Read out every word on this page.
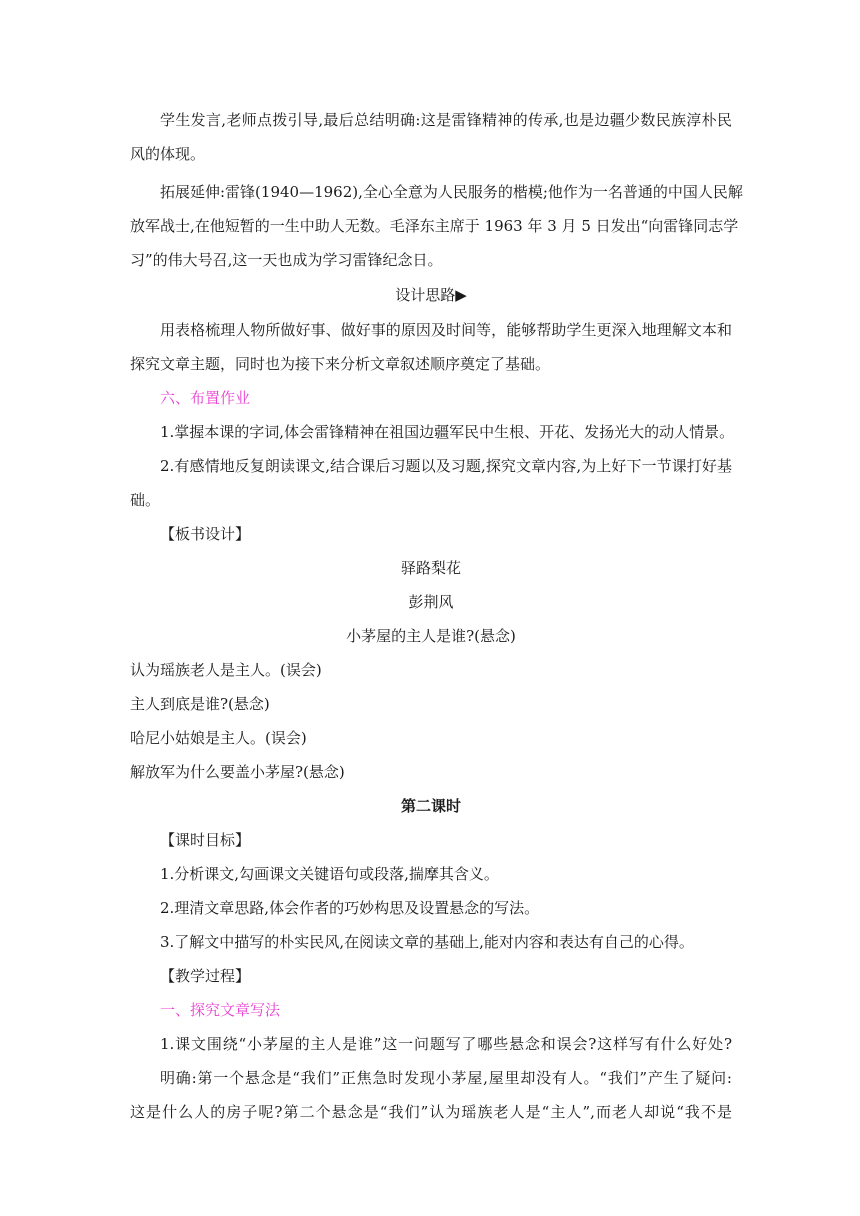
学生发言,老师点拨引导,最后总结明确:这是雷锋精神的传承,也是边疆少数民族淳朴民
风的体现。
拓展延伸:雷锋(1940—1962),全心全意为人民服务的楷模;他作为一名普通的中国人民解
放军战士,在他短暂的一生中助人无数。毛泽东主席于 1963 年 3 月 5 日发出“向雷锋同志学
习”的伟大号召,这一天也成为学习雷锋纪念日。
设计思路▶
用表格梳理人物所做好事、做好事的原因及时间等，能够帮助学生更深入地理解文本和
探究文章主题，同时也为接下来分析文章叙述顺序奠定了基础。
六、布置作业
1.掌握本课的字词,体会雷锋精神在祖国边疆军民中生根、开花、发扬光大的动人情景。
2.有感情地反复朗读课文,结合课后习题以及习题,探究文章内容,为上好下一节课打好基
础。
【板书设计】
驿路梨花
彭荆风
小茅屋的主人是谁?(悬念)
认为瑶族老人是主人。(误会)
主人到底是谁?(悬念)
哈尼小姑娘是主人。(误会)
解放军为什么要盖小茅屋?(悬念)
第二课时
【课时目标】
1.分析课文,勾画课文关键语句或段落,揣摩其含义。
2.理清文章思路,体会作者的巧妙构思及设置悬念的写法。
3.了解文中描写的朴实民风,在阅读文章的基础上,能对内容和表达有自己的心得。
【教学过程】
一、探究文章写法
1.课文围绕“小茅屋的主人是谁”这一问题写了哪些悬念和误会?这样写有什么好处?
明确:第一个悬念是“我们”正焦急时发现小茅屋,屋里却没有人。“我们”产生了疑问:
这是什么人的房子呢?第二个悬念是“我们”认为瑶族老人是“主人”,而老人却说“我不是
